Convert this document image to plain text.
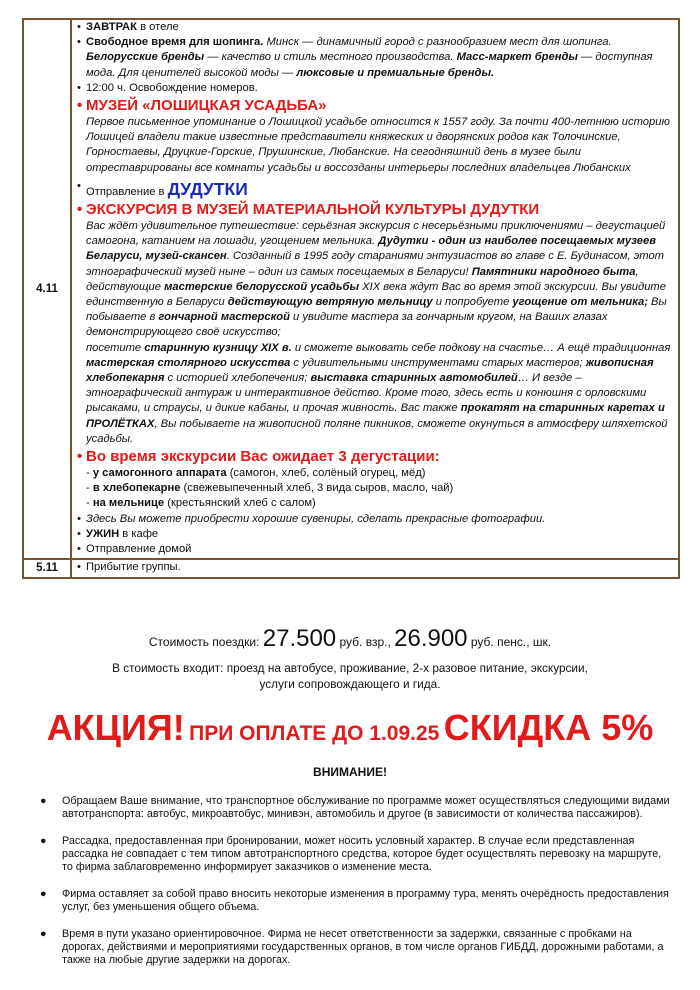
4.11
• ЗАВТРАК в отеле
• Свободное время для шопинга. Минск — динамичный город с разнообразием мест для шопинга. Белорусские бренды — качество и стиль местного производства. Масс-маркет бренды — доступная мода. Для ценителей высокой моды — люксовые и премиальные бренды.
• 12:00 ч. Освобождение номеров.
• МУЗЕЙ «ЛОШИЦКАЯ УСАДЬБА»
Первое письменное упоминание о Лошицкой усадьбе относится к 1557 году. За почти 400-летнюю историю Лошицей владели такие известные представители княжеских и дворянских родов как Толочинские, Горностаевы, Друцкие-Горские, Прушинские, Любанские. На сегодняшний день в музее были отреставрированы все комнаты усадьбы и воссозданы интерьеры последних владельцев Любанских
• Отправление в ДУДУТКИ
• ЭКСКУРСИЯ В МУЗЕЙ МАТЕРИАЛЬНОЙ КУЛЬТУРЫ ДУДУТКИ
Вас ждёт удивительное путешествие: серьёзная экскурсия с несерьёзными приключениями – дегустацией самогона, катанием на лошади, угощением мельника. Дудутки - один из наиболее посещаемых музеев Беларуси, музей-скансен. Созданный в 1995 году стараниями энтузиастов во главе с Е. Будинасом, этот этнографический музей ныне – один из самых посещаемых в Беларуси! Памятники народного быта, действующие мастерские белорусской усадьбы XIX века ждут Вас во время этой экскурсии. Вы увидите единственную в Беларуси действующую ветряную мельницу и попробуете угощение от мельника; Вы побываете в гончарной мастерской и увидите мастера за гончарным кругом, на Ваших глазах демонстрирующего своё искусство;
посетите старинную кузницу XIX в. и сможете выковать себе подкову на счастье… А ещё традиционная мастерская столярного искусства с удивительными инструментами старых мастеров; живописная хлебопекарня с историей хлебопечения; выставка старинных автомобилей… И везде – этнографический антураж и интерактивное действо. Кроме того, здесь есть и конюшня с орловскими рысаками, и страусы, и дикие кабаны, и прочая живность. Вас также прокатят на старинных каретах и ПРОЛЁТКАХ, Вы побываете на живописной поляне пикников, сможете окунуться в атмосферу шляхетской усадьбы.
• Во время экскурсии Вас ожидает 3 дегустации:
- у самогонного аппарата (самогон, хлеб, солёный огурец, мёд)
- в хлебопекарне (свежевыпеченный хлеб, 3 вида сыров, масло, чай)
- на мельнице (крестьянский хлеб с салом)
• Здесь Вы можете приобрести хорошие сувениры, сделать прекрасные фотографии.
• УЖИН в кафе
• Отправление домой
5.11
•	Прибытие группы.
Стоимость поездки: 27.500 руб. взр., 26.900 руб. пенс., шк.
В стоимость входит: проезд на автобусе, проживание, 2-х разовое питание, экскурсии,
услуги сопровождающего и гида.
АКЦИЯ! ПРИ ОПЛАТЕ ДО 1.09.25 СКИДКА 5%
ВНИМАНИЕ!
● Обращаем Ваше внимание, что транспортное обслуживание по программе может осуществляться следующими видами автотранспорта: автобус, микроавтобус, минивэн, автомобиль и другое (в зависимости от количества пассажиров).
● Рассадка, предоставленная при бронировании, может носить условный характер. В случае если представленная рассадка не совпадает с тем типом автотранспортного средства, которое будет осуществлять перевозку на маршруте, то фирма заблаговременно информирует заказчиков о изменение места.
● Фирма оставляет за собой право вносить некоторые изменения в программу тура, менять очерёдность предоставления услуг, без уменьшения общего объема.
● Время в пути указано ориентировочное. Фирма не несет ответственности за задержки, связанные с пробками на дорогах, действиями и мероприятиями государственных органов, в том числе органов ГИБДД, дорожными работами, а также на любые другие задержки на дорогах.
